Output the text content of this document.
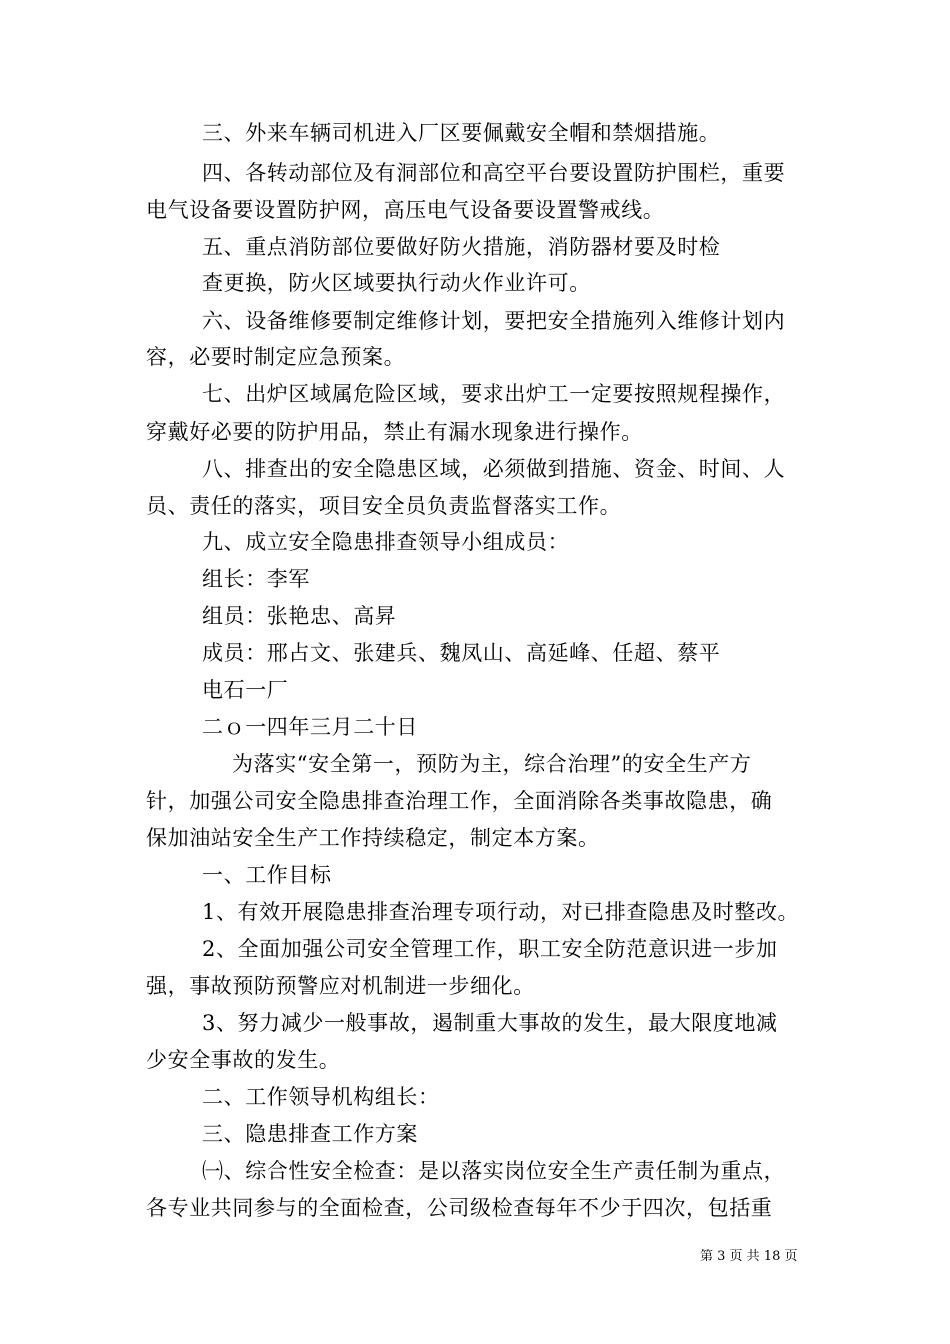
三、外来车辆司机进入厂区要佩戴安全帽和禁烟措施。
四、各转动部位及有洞部位和高空平台要设置防护围栏，重要
电气设备要设置防护网，高压电气设备要设置警戒线。
五、重点消防部位要做好防火措施，消防器材要及时检
查更换，防火区域要执行动火作业许可。
六、设备维修要制定维修计划，要把安全措施列入维修计划内
容，必要时制定应急预案。
七、出炉区域属危险区域，要求出炉工一定要按照规程操作，
穿戴好必要的防护用品，禁止有漏水现象进行操作。
八、排查出的安全隐患区域，必须做到措施、资金、时间、人
员、责任的落实，项目安全员负责监督落实工作。
九、成立安全隐患排查领导小组成员：
组长：李军
组员：张艳忠、高昇
成员：邢占文、张建兵、魏凤山、高延峰、任超、蔡平
电石一厂
二ｏ一四年三月二十日
为落实“安全第一，预防为主，综合治理”的安全生产方
针，加强公司安全隐患排查治理工作，全面消除各类事故隐患，确
保加油站安全生产工作持续稳定，制定本方案。
一、工作目标
1、有效开展隐患排查治理专项行动，对已排查隐患及时整改。
2、全面加强公司安全管理工作，职工安全防范意识进一步加
强，事故预防预警应对机制进一步细化。
3、努力减少一般事故，遏制重大事故的发生，最大限度地减
少安全事故的发生。
二、工作领导机构组长：
三、隐患排查工作方案
㈠、综合性安全检查：是以落实岗位安全生产责任制为重点，
各专业共同参与的全面检查，公司级检查每年不少于四次，包括重
第 3 页 共 18 页
